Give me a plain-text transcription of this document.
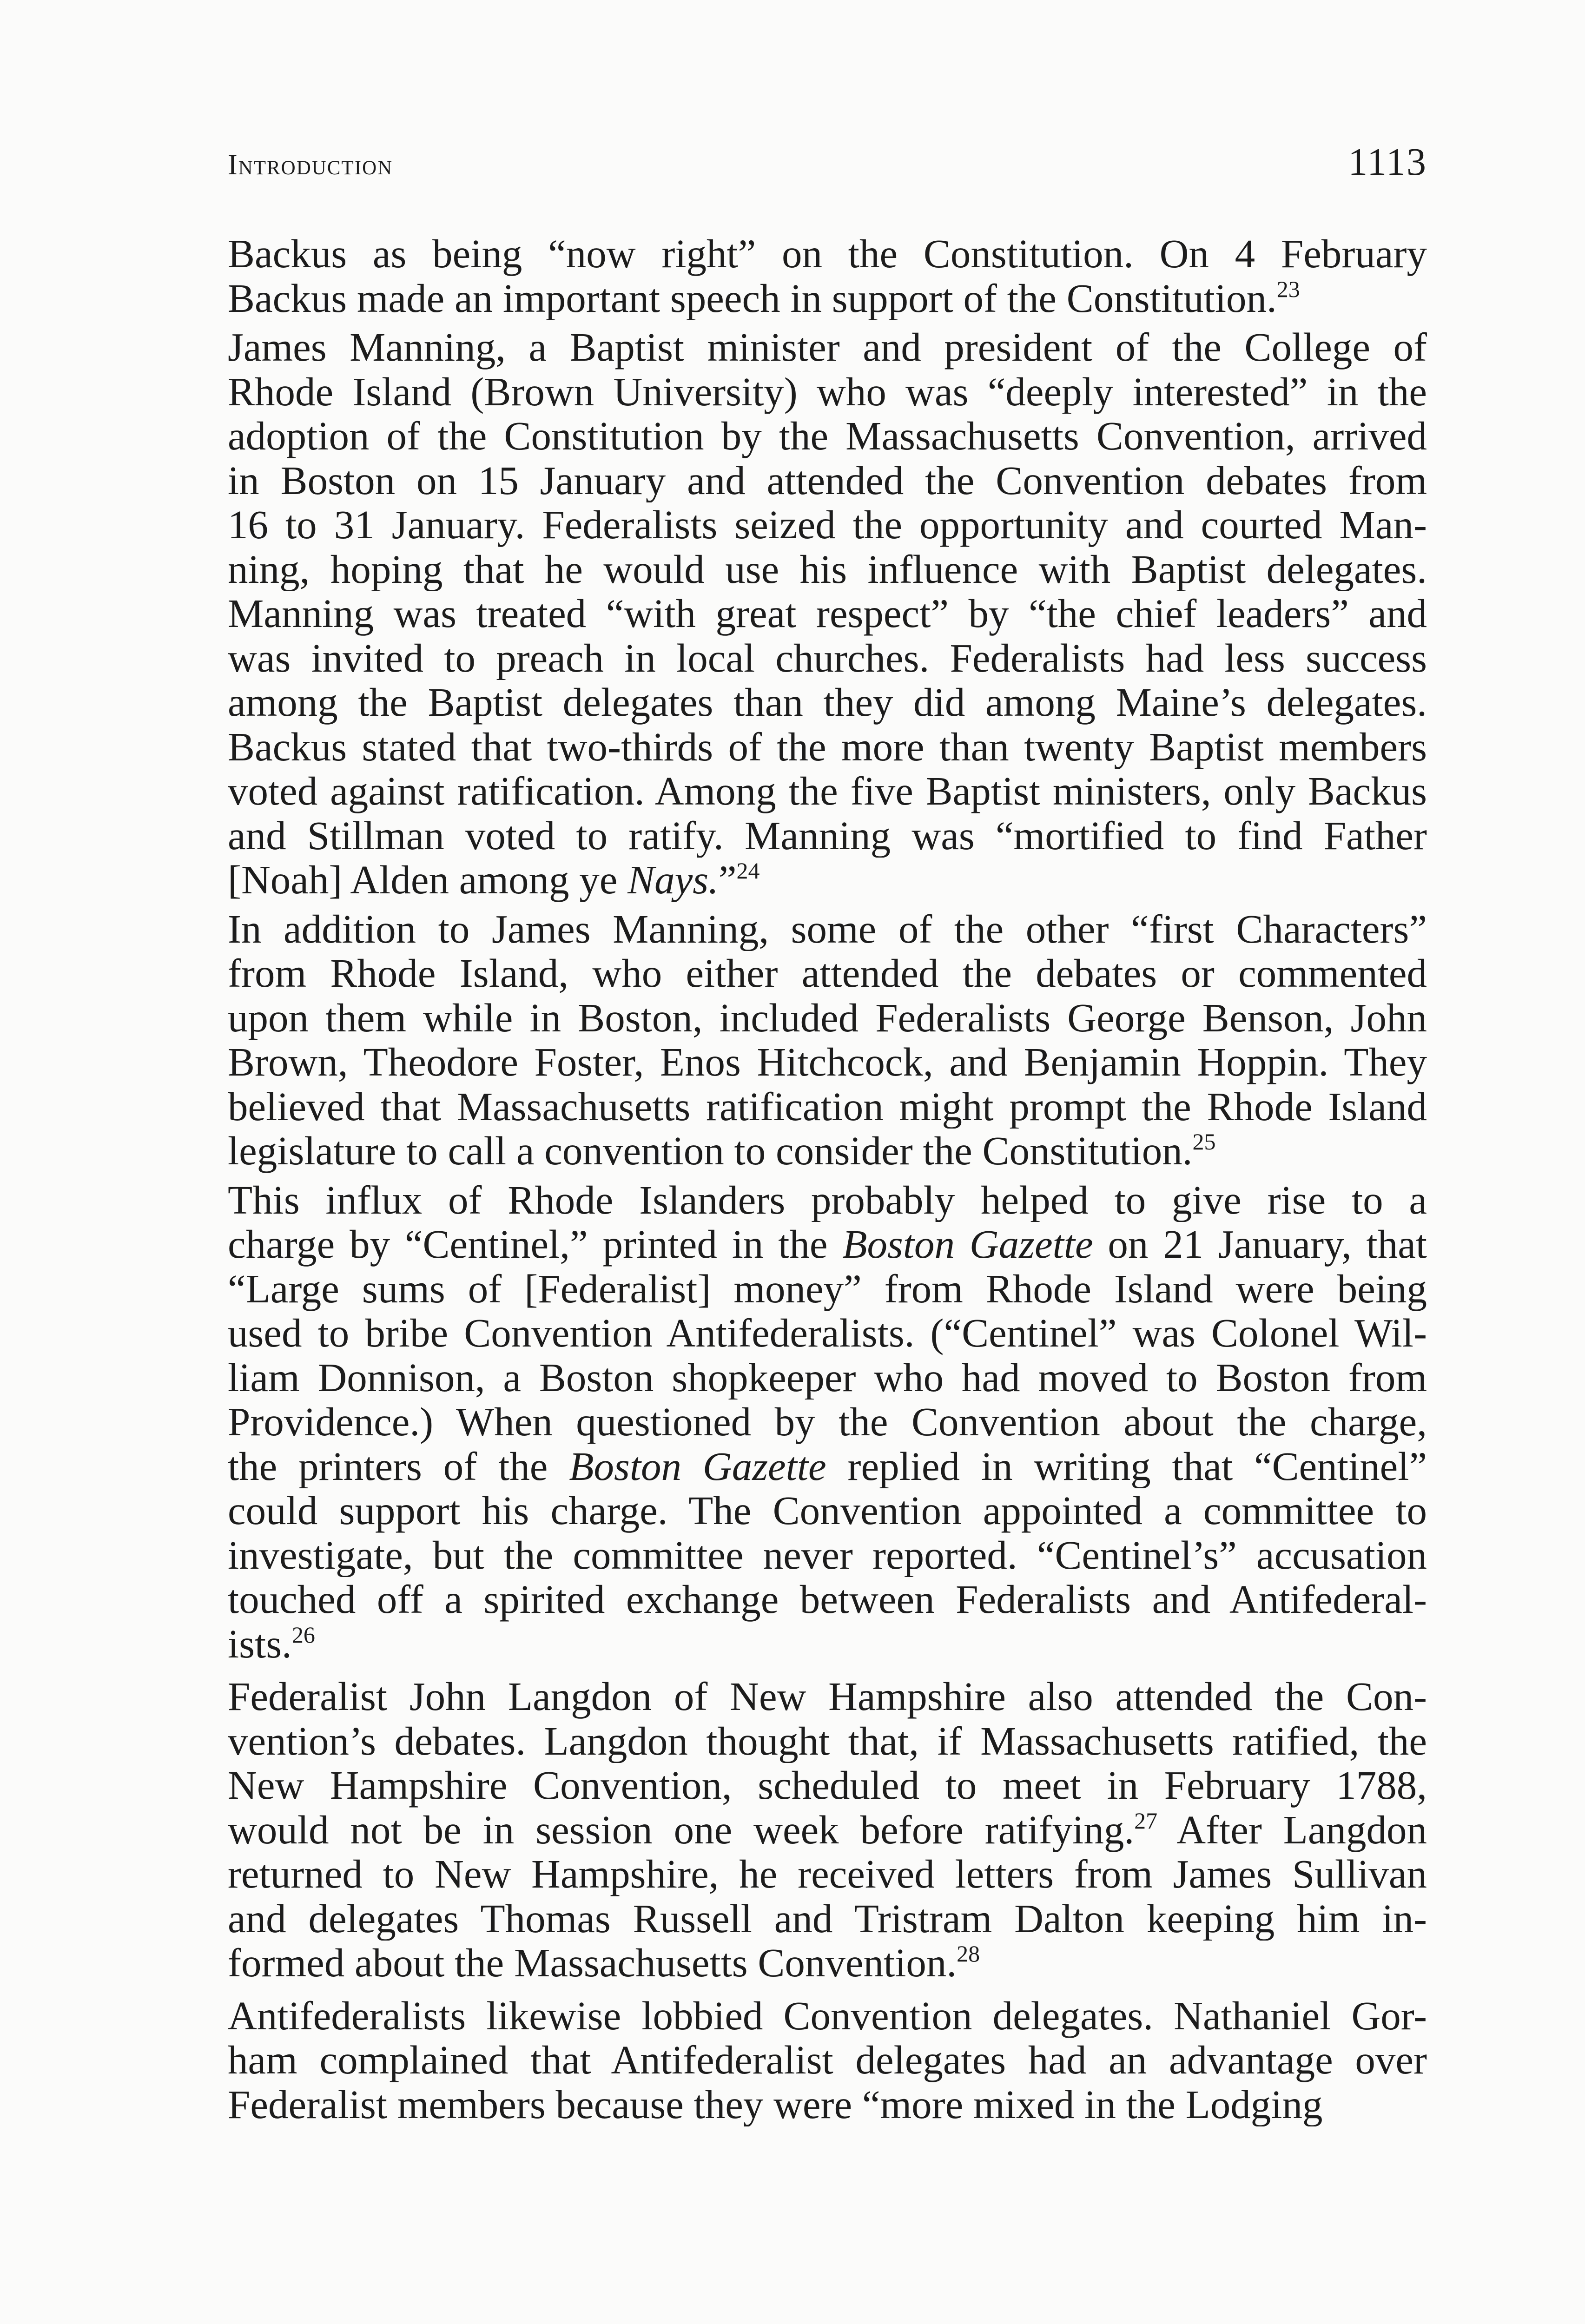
Introduction	1113
Backus as being “now right” on the Constitution. On 4 February
Backus made an important speech in support of the Constitution.$^{23}$
James Manning, a Baptist minister and president of the College of
Rhode Island (Brown University) who was “deeply interested” in the
adoption of the Constitution by the Massachusetts Convention, arrived
in Boston on 15 January and attended the Convention debates from
16 to 31 January. Federalists seized the opportunity and courted Man-
ning, hoping that he would use his influence with Baptist delegates.
Manning was treated “with great respect” by “the chief leaders” and
was invited to preach in local churches. Federalists had less success
among the Baptist delegates than they did among Maine’s delegates.
Backus stated that two-thirds of the more than twenty Baptist members
voted against ratification. Among the five Baptist ministers, only Backus
and Stillman voted to ratify. Manning was “mortified to find Father
[Noah] Alden among ye Nays.”$^{24}$
In addition to James Manning, some of the other “first Characters”
from Rhode Island, who either attended the debates or commented
upon them while in Boston, included Federalists George Benson, John
Brown, Theodore Foster, Enos Hitchcock, and Benjamin Hoppin. They
believed that Massachusetts ratification might prompt the Rhode Island
legislature to call a convention to consider the Constitution.$^{25}$
This influx of Rhode Islanders probably helped to give rise to a
charge by “Centinel,” printed in the Boston Gazette on 21 January, that
“Large sums of [Federalist] money” from Rhode Island were being
used to bribe Convention Antifederalists. (“Centinel” was Colonel Wil-
liam Donnison, a Boston shopkeeper who had moved to Boston from
Providence.) When questioned by the Convention about the charge,
the printers of the Boston Gazette replied in writing that “Centinel”
could support his charge. The Convention appointed a committee to
investigate, but the committee never reported. “Centinel’s” accusation
touched off a spirited exchange between Federalists and Antifederal-
ists.$^{26}$
Federalist John Langdon of New Hampshire also attended the Con-
vention’s debates. Langdon thought that, if Massachusetts ratified, the
New Hampshire Convention, scheduled to meet in February 1788,
would not be in session one week before ratifying.$^{27}$ After Langdon
returned to New Hampshire, he received letters from James Sullivan
and delegates Thomas Russell and Tristram Dalton keeping him in-
formed about the Massachusetts Convention.$^{28}$
Antifederalists likewise lobbied Convention delegates. Nathaniel Gor-
ham complained that Antifederalist delegates had an advantage over
Federalist members because they were “more mixed in the Lodging
